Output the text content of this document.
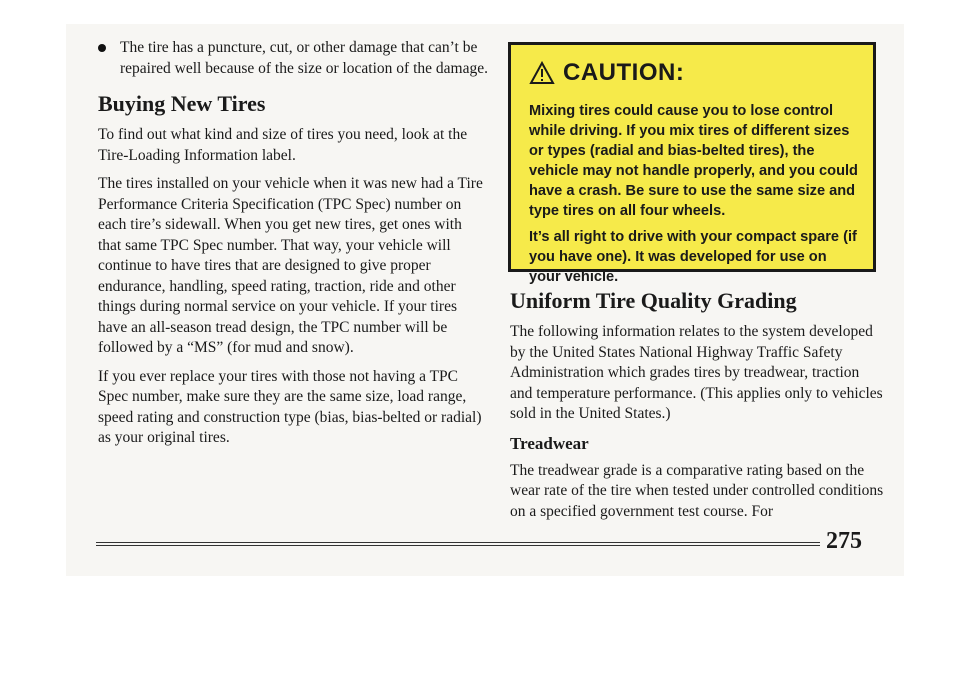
The tire has a puncture, cut, or other damage that can’t be repaired well because of the size or location of the damage.

Buying New Tires

To find out what kind and size of tires you need, look at the Tire-Loading Information label.

The tires installed on your vehicle when it was new had a Tire Performance Criteria Specification (TPC Spec) number on each tire’s sidewall. When you get new tires, get ones with that same TPC Spec number. That way, your vehicle will continue to have tires that are designed to give proper endurance, handling, speed rating, traction, ride and other things during normal service on your vehicle. If your tires have an all-season tread design, the TPC number will be followed by a “MS” (for mud and snow).

If you ever replace your tires with those not having a TPC Spec number, make sure they are the same size, load range, speed rating and construction type (bias, bias-belted or radial) as your original tires.

CAUTION:

Mixing tires could cause you to lose control while driving. If you mix tires of different sizes or types (radial and bias-belted tires), the vehicle may not handle properly, and you could have a crash. Be sure to use the same size and type tires on all four wheels.

It’s all right to drive with your compact spare (if you have one). It was developed for use on your vehicle.

Uniform Tire Quality Grading

The following information relates to the system developed by the United States National Highway Traffic Safety Administration which grades tires by treadwear, traction and temperature performance. (This applies only to vehicles sold in the United States.)

Treadwear

The treadwear grade is a comparative rating based on the wear rate of the tire when tested under controlled conditions on a specified government test course. For

275
